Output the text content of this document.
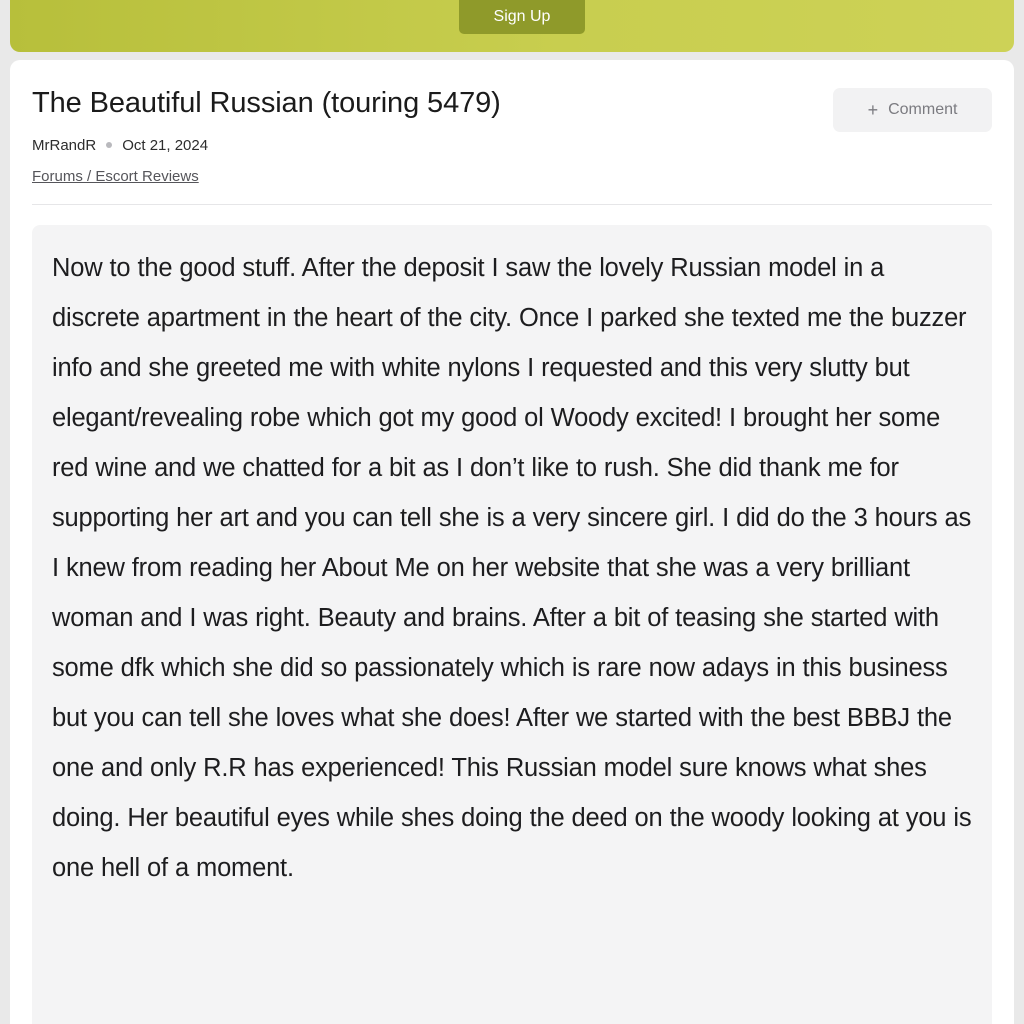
Sign Up
The Beautiful Russian (touring 5479)	+ Comment
MrRandR Oct 21, 2024
Forums / Escort Reviews

Now to the good stuff. After the deposit I saw the lovely Russian model in a discrete apartment in the heart of the city. Once I parked she texted me the buzzer info and she greeted me with white nylons I requested and this very slutty but elegant/revealing robe which got my good ol Woody excited! I brought her some red wine and we chatted for a bit as I don’t like to rush. She did thank me for supporting her art and you can tell she is a very sincere girl. I did do the 3 hours as I knew from reading her About Me on her website that she was a very brilliant woman and I was right. Beauty and brains. After a bit of teasing she started with some dfk which she did so passionately which is rare now adays in this business but you can tell she loves what she does! After we started with the best BBBJ the one and only R.R has experienced! This Russian model sure knows what shes doing. Her beautiful eyes while shes doing the deed on the woody looking at you is one hell of a moment.
